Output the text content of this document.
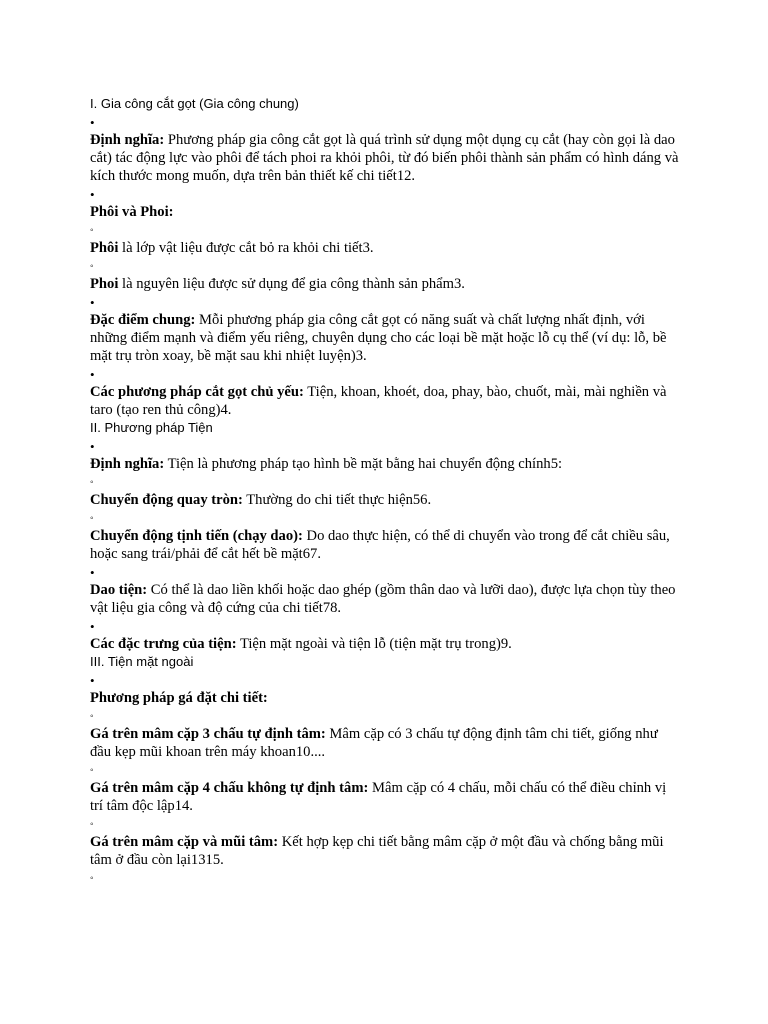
I. Gia công cắt gọt (Gia công chung)
•

Định nghĩa: Phương pháp gia công cắt gọt là quá trình sử dụng một dụng cụ cắt (hay còn gọi là dao cắt) tác động lực vào phôi để tách phoi ra khỏi phôi, từ đó biến phôi thành sản phẩm có hình dáng và kích thước mong muốn, dựa trên bản thiết kế chi tiết12.

•

Phôi và Phoi:

◦

Phôi là lớp vật liệu được cắt bỏ ra khỏi chi tiết3.

◦

Phoi là nguyên liệu được sử dụng để gia công thành sản phẩm3.

•

Đặc điểm chung: Mỗi phương pháp gia công cắt gọt có năng suất và chất lượng nhất định, với những điểm mạnh và điểm yếu riêng, chuyên dụng cho các loại bề mặt hoặc lỗ cụ thể (ví dụ: lỗ, bề mặt trụ tròn xoay, bề mặt sau khi nhiệt luyện)3.

•

Các phương pháp cắt gọt chủ yếu: Tiện, khoan, khoét, doa, phay, bào, chuốt, mài, mài nghiền và taro (tạo ren thủ công)4.

II. Phương pháp Tiện
•

Định nghĩa: Tiện là phương pháp tạo hình bề mặt bằng hai chuyển động chính5:

◦

Chuyển động quay tròn: Thường do chi tiết thực hiện56.

◦

Chuyển động tịnh tiến (chạy dao): Do dao thực hiện, có thể di chuyển vào trong để cắt chiều sâu, hoặc sang trái/phải để cắt hết bề mặt67.

•

Dao tiện: Có thể là dao liền khối hoặc dao ghép (gồm thân dao và lưỡi dao), được lựa chọn tùy theo vật liệu gia công và độ cứng của chi tiết78.

•

Các đặc trưng của tiện: Tiện mặt ngoài và tiện lỗ (tiện mặt trụ trong)9.

III. Tiện mặt ngoài
•

Phương pháp gá đặt chi tiết:

◦

Gá trên mâm cặp 3 chấu tự định tâm: Mâm cặp có 3 chấu tự động định tâm chi tiết, giống như đầu kẹp mũi khoan trên máy khoan10....

◦

Gá trên mâm cặp 4 chấu không tự định tâm: Mâm cặp có 4 chấu, mỗi chấu có thể điều chỉnh vị trí tâm độc lập14.

◦

Gá trên mâm cặp và mũi tâm: Kết hợp kẹp chi tiết bằng mâm cặp ở một đầu và chống bằng mũi tâm ở đầu còn lại1315.

◦
